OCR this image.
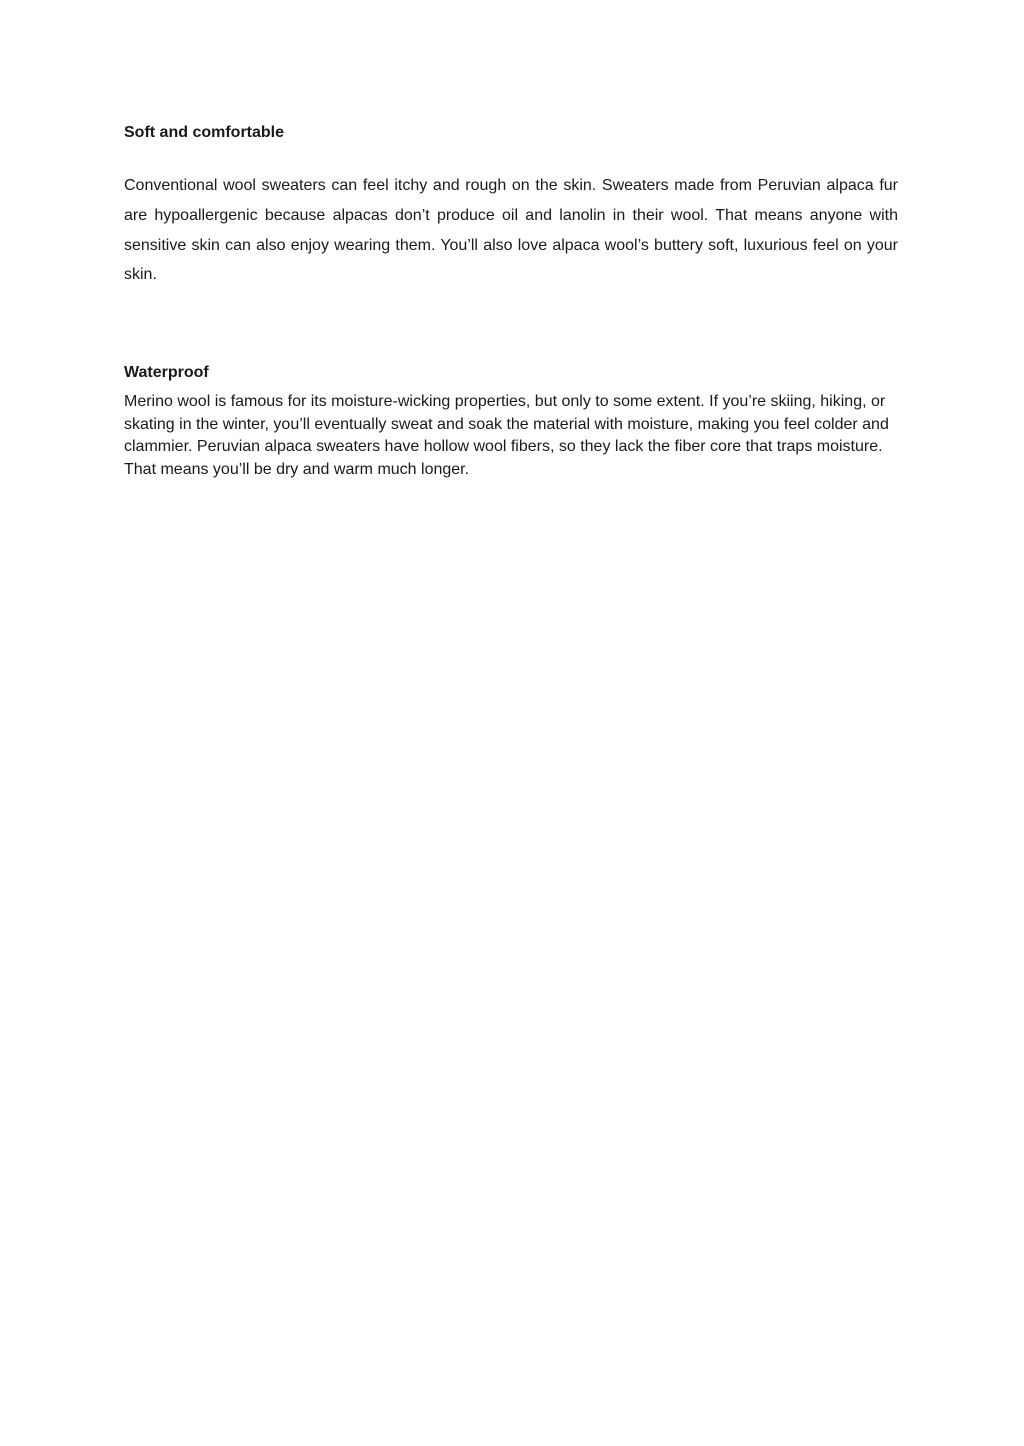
Soft and comfortable

Conventional wool sweaters can feel itchy and rough on the skin. Sweaters made from Peruvian alpaca fur are hypoallergenic because alpacas don’t produce oil and lanolin in their wool. That means anyone with sensitive skin can also enjoy wearing them. You’ll also love alpaca wool’s buttery soft, luxurious feel on your skin.

Waterproof

Merino wool is famous for its moisture-wicking properties, but only to some extent. If you’re skiing, hiking, or skating in the winter, you’ll eventually sweat and soak the material with moisture, making you feel colder and clammier. Peruvian alpaca sweaters have hollow wool fibers, so they lack the fiber core that traps moisture. That means you’ll be dry and warm much longer.
